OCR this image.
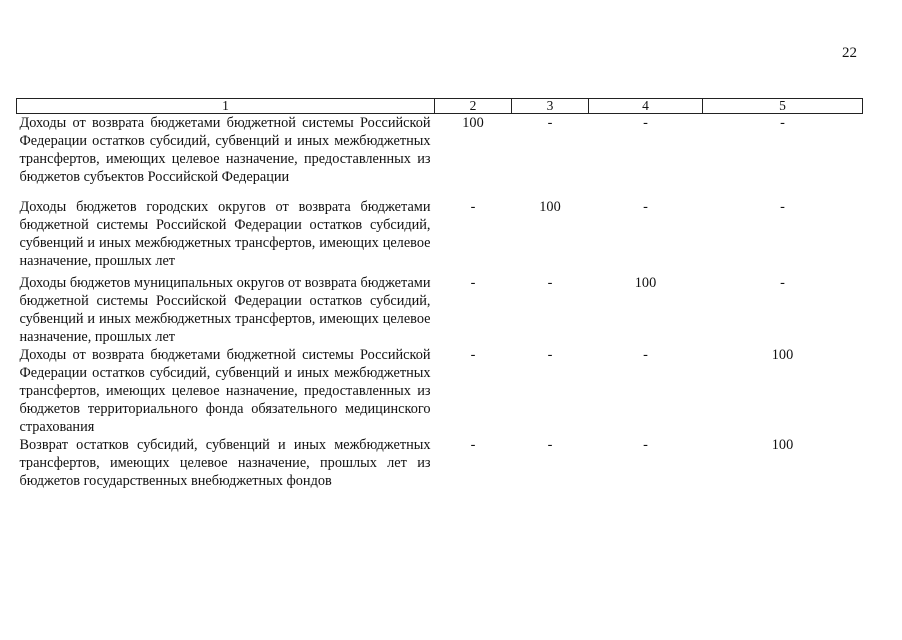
22
1	2	3	4	5
Доходы от возврата бюджетами бюджетной системы Российской Федерации остатков субсидий, субвенций и иных межбюджетных трансфертов, имеющих целевое назначение, предоставленных из бюджетов субъектов Российской Федерации	100	-	-	-
Доходы бюджетов городских округов от возврата бюджетами бюджетной системы Российской Федерации остатков субсидий, субвенций и иных межбюджетных трансфертов, имеющих целевое назначение, прошлых лет	-	100	-	-
Доходы бюджетов муниципальных округов от возврата бюджетами бюджетной системы Российской Федерации остатков субсидий, субвенций и иных межбюджетных трансфертов, имеющих целевое назначение, прошлых лет	-	-	100	-
Доходы от возврата бюджетами бюджетной системы Российской Федерации остатков субсидий, субвенций и иных межбюджетных трансфертов, имеющих целевое назначение, предоставленных из бюджетов территориального фонда обязательного медицинского страхования	-	-	-	100
Возврат остатков субсидий, субвенций и иных межбюджетных трансфертов, имеющих целевое назначение, прошлых лет из бюджетов государственных внебюджетных фондов	-	-	-	100
